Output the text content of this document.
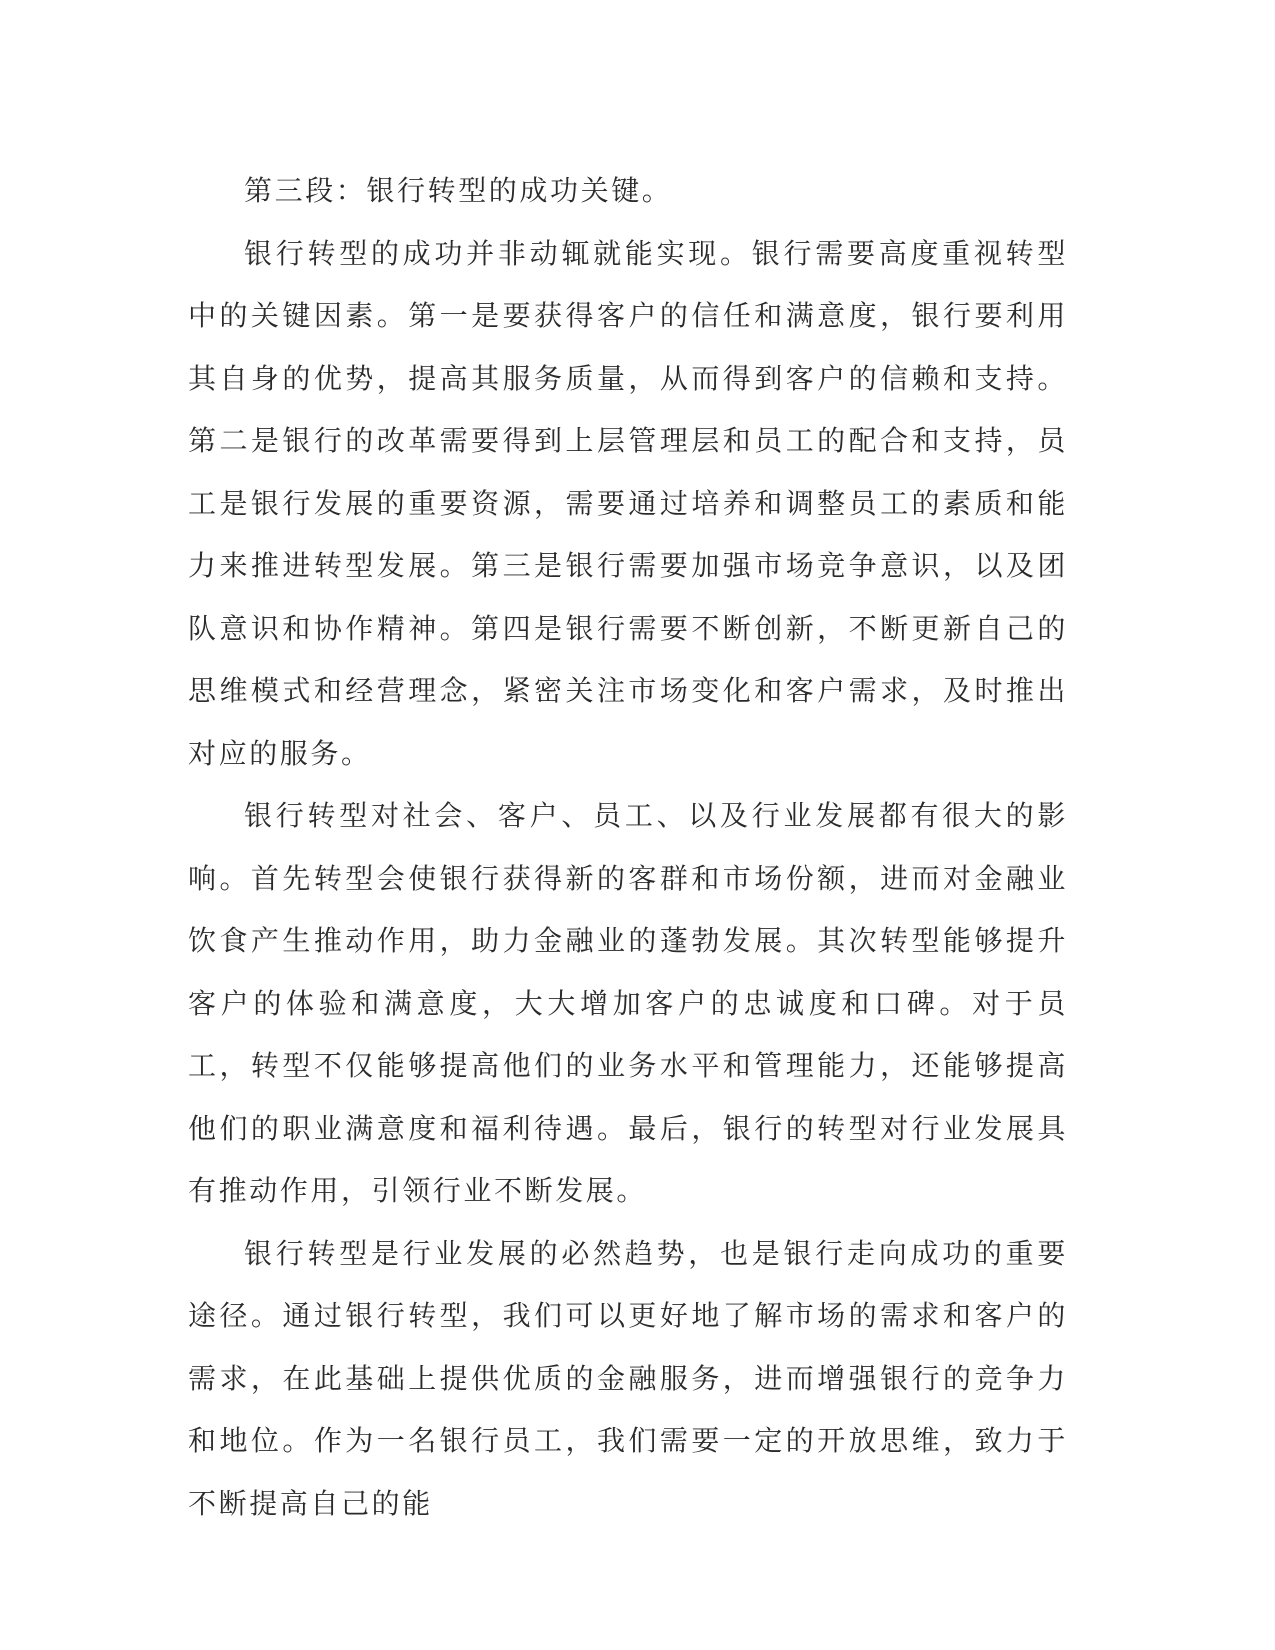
第三段：银行转型的成功关键。

银行转型的成功并非动辄就能实现。银行需要高度重视转型中的关键因素。第一是要获得客户的信任和满意度，银行要利用其自身的优势，提高其服务质量，从而得到客户的信赖和支持。第二是银行的改革需要得到上层管理层和员工的配合和支持，员工是银行发展的重要资源，需要通过培养和调整员工的素质和能力来推进转型发展。第三是银行需要加强市场竞争意识，以及团队意识和协作精神。第四是银行需要不断创新，不断更新自己的思维模式和经营理念，紧密关注市场变化和客户需求，及时推出对应的服务。

银行转型对社会、客户、员工、以及行业发展都有很大的影响。首先转型会使银行获得新的客群和市场份额，进而对金融业饮食产生推动作用，助力金融业的蓬勃发展。其次转型能够提升客户的体验和满意度，大大增加客户的忠诚度和口碑。对于员工，转型不仅能够提高他们的业务水平和管理能力，还能够提高他们的职业满意度和福利待遇。最后，银行的转型对行业发展具有推动作用，引领行业不断发展。

银行转型是行业发展的必然趋势，也是银行走向成功的重要途径。通过银行转型，我们可以更好地了解市场的需求和客户的需求，在此基础上提供优质的金融服务，进而增强银行的竞争力和地位。作为一名银行员工，我们需要一定的开放思维，致力于不断提高自己的能
